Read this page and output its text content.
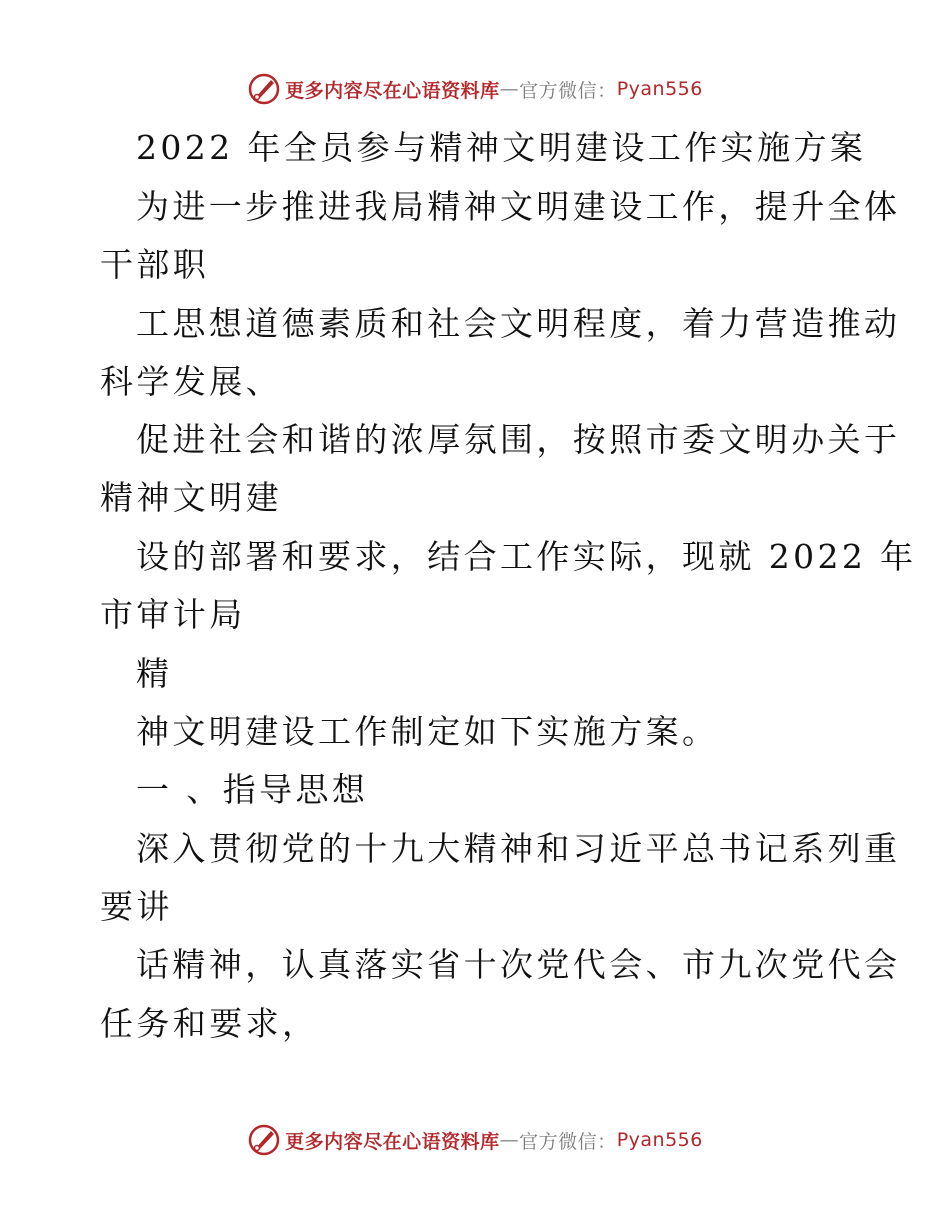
更多内容尽在心语资料库 — 官方微信： Pyan556
2022 年全员参与精神文明建设工作实施方案
为进一步推进我局精神文明建设工作，提升全体
干部职
工思想道德素质和社会文明程度，着力营造推动
科学发展、
促进社会和谐的浓厚氛围，按照市委文明办关于
精神文明建
设的部署和要求，结合工作实际，现就 2022 年
市审计局
精
神文明建设工作制定如下实施方案。
一 、指导思想
深入贯彻党的十九大精神和习近平总书记系列重
要讲
话精神，认真落实省十次党代会、市九次党代会
任务和要求，
更多内容尽在心语资料库 — 官方微信： Pyan556
